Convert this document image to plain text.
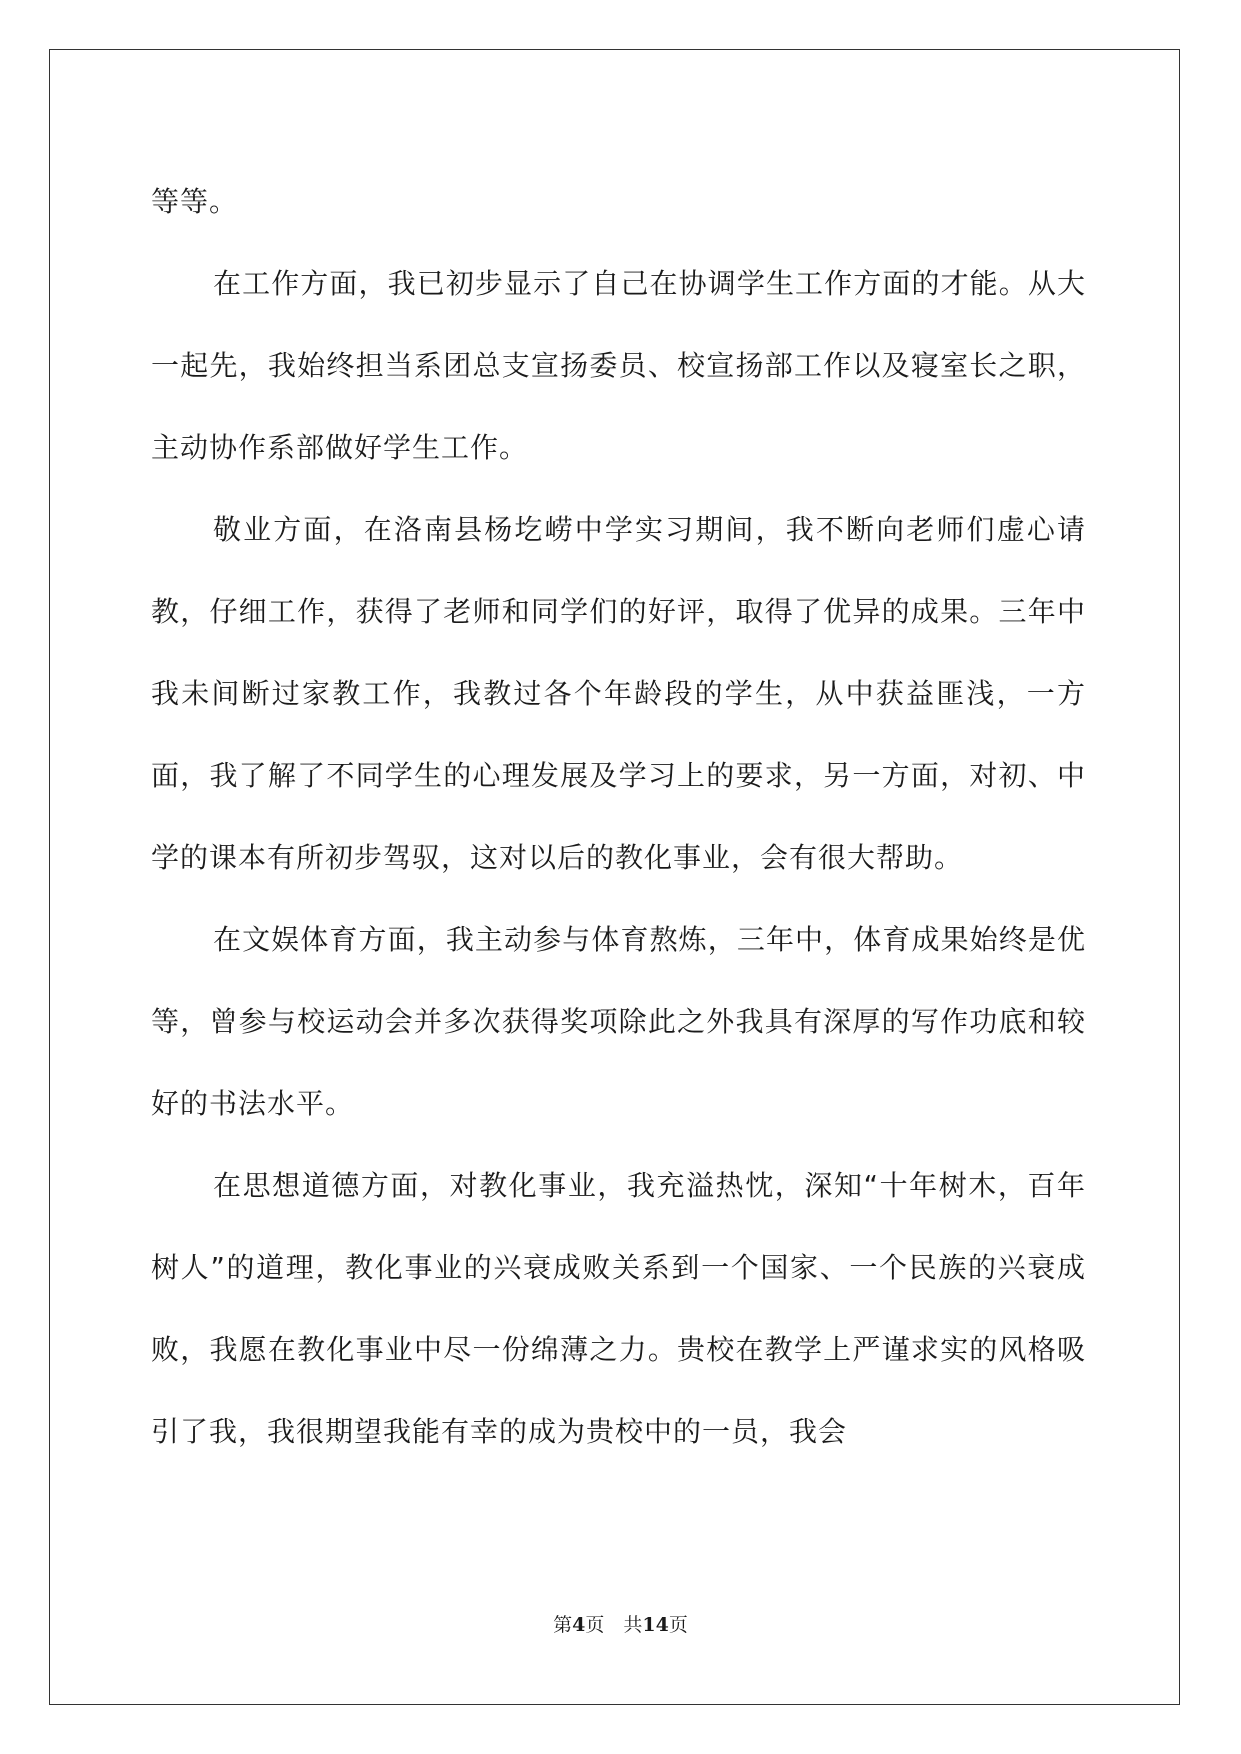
等等。

在工作方面，我已初步显示了自己在协调学生工作方面的才能。从大一起先，我始终担当系团总支宣扬委员、校宣扬部工作以及寝室长之职，主动协作系部做好学生工作。

敬业方面，在洛南县杨圪崂中学实习期间，我不断向老师们虚心请教，仔细工作，获得了老师和同学们的好评，取得了优异的成果。三年中我未间断过家教工作，我教过各个年龄段的学生，从中获益匪浅，一方面，我了解了不同学生的心理发展及学习上的要求，另一方面，对初、中学的课本有所初步驾驭，这对以后的教化事业，会有很大帮助。

在文娱体育方面，我主动参与体育熬炼，三年中，体育成果始终是优等，曾参与校运动会并多次获得奖项除此之外我具有深厚的写作功底和较好的书法水平。

在思想道德方面，对教化事业，我充溢热忱，深知“十年树木，百年树人”的道理，教化事业的兴衰成败关系到一个国家、一个民族的兴衰成败，我愿在教化事业中尽一份绵薄之力。贵校在教学上严谨求实的风格吸引了我，我很期望我能有幸的成为贵校中的一员，我会

第4页  共14页
